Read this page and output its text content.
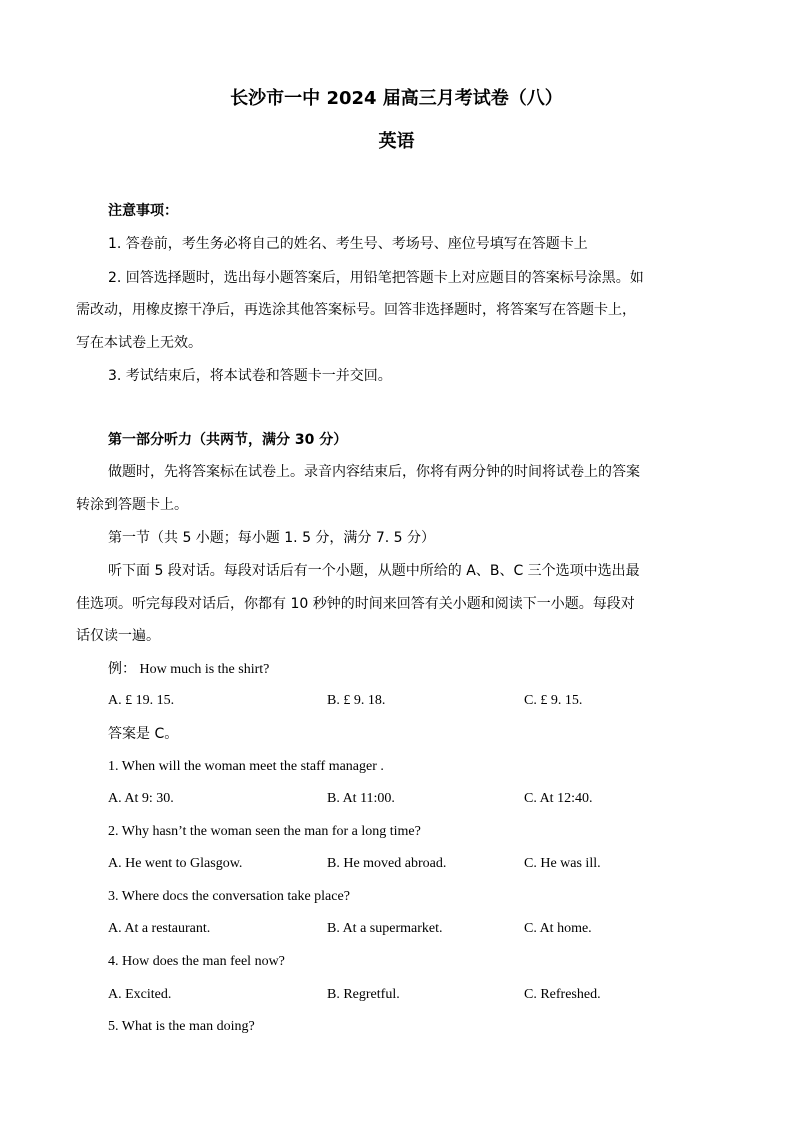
长沙市一中 2024 届高三月考试卷（八）
英语
注意事项：
1. 答卷前，考生务必将自己的姓名、考生号、考场号、座位号填写在答题卡上
2. 回答选择题时，选出每小题答案后，用铅笔把答题卡上对应题目的答案标号涂黑。如
需改动，用橡皮擦干净后，再选涂其他答案标号。回答非选择题时，将答案写在答题卡上，
写在本试卷上无效。
3. 考试结束后，将本试卷和答题卡一并交回。
第一部分听力（共两节，满分 30 分）
做题时，先将答案标在试卷上。录音内容结束后，你将有两分钟的时间将试卷上的答案
转涂到答题卡上。
第一节（共 5 小题；每小题 1. 5 分，满分 7. 5 分）
听下面 5 段对话。每段对话后有一个小题，从题中所给的 A、B、C 三个选项中选出最
佳选项。听完每段对话后，你都有 10 秒钟的时间来回答有关小题和阅读下一小题。每段对
话仅读一遍。
例： How much is the shirt?
A. £ 19. 15.	B. £ 9. 18.	C. £ 9. 15.
答案是 C。
1. When will the woman meet the staff manager .
A. At 9: 30.	B. At 11:00.	C. At 12:40.
2. Why hasn’t the woman seen the man for a long time?
A. He went to Glasgow.	B. He moved abroad.	C. He was ill.
3. Where docs the conversation take place?
A. At a restaurant.	B. At a supermarket.	C. At home.
4. How does the man feel now?
A. Excited.	B. Regretful.	C. Refreshed.
5. What is the man doing?
